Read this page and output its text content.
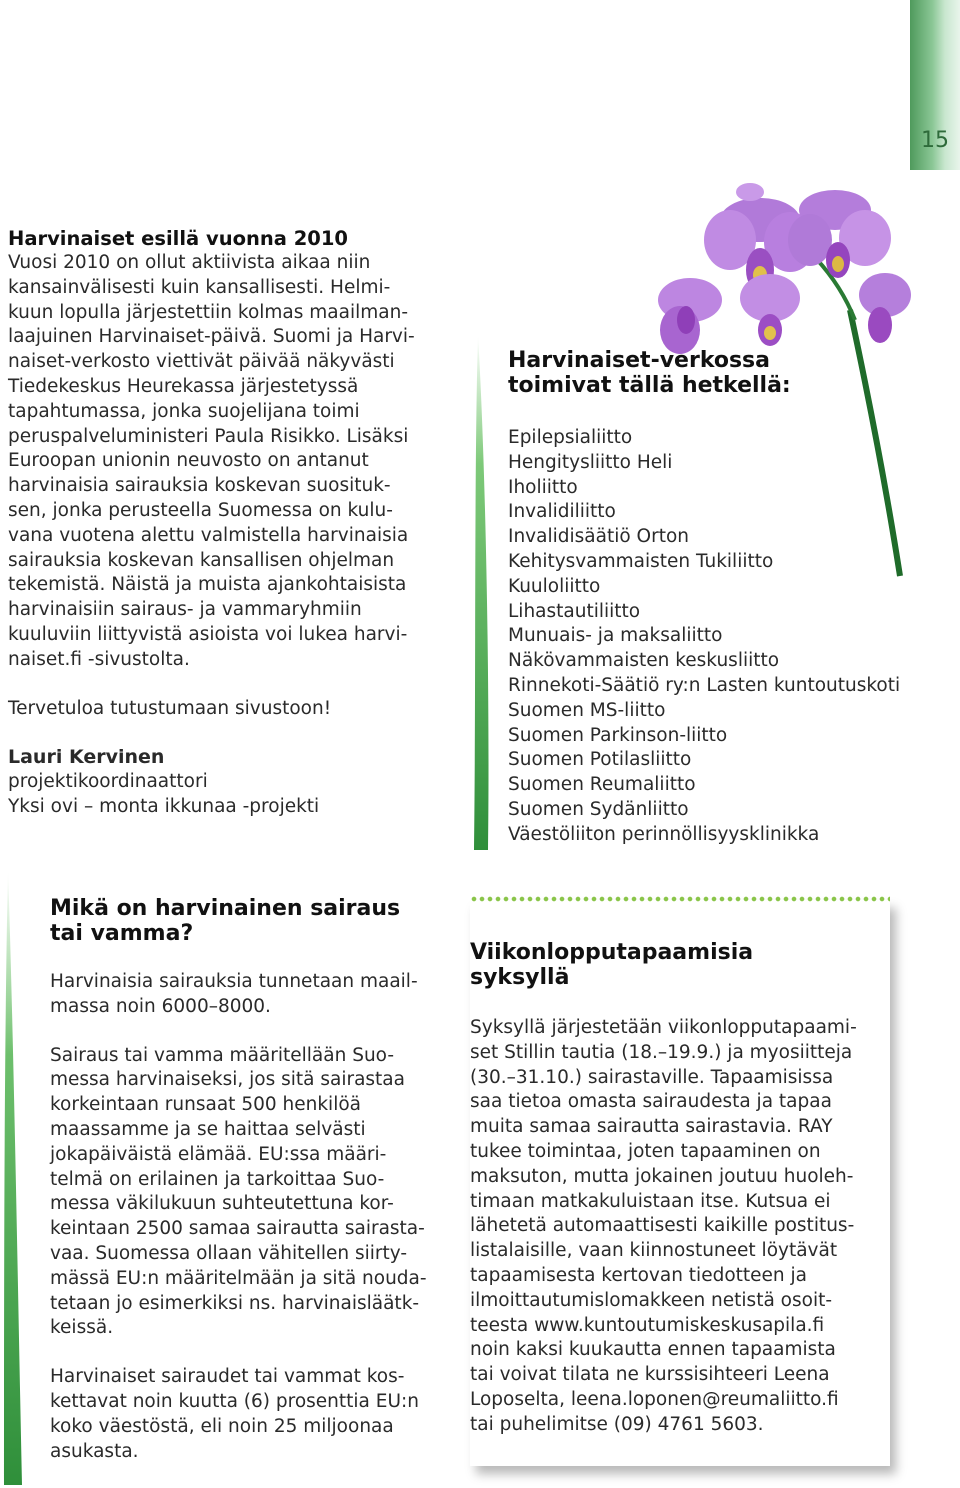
15
Harvinaiset esillä vuonna 2010
Vuosi 2010 on ollut aktiivista aikaa niin
kansainvälisesti kuin kansallisesti. Helmi-
kuun lopulla järjestettiin kolmas maailman-
laajuinen Harvinaiset-päivä. Suomi ja Harvi-
naiset-verkosto viettivät päivää näkyvästi
Tiedekeskus Heurekassa järjestetyssä
tapahtumassa, jonka suojelijana toimi
peruspalveluministeri Paula Risikko. Lisäksi
Euroopan unionin neuvosto on antanut
harvinaisia sairauksia koskevan suosituk-
sen, jonka perusteella Suomessa on kulu-
vana vuotena alettu valmistella harvinaisia
sairauksia koskevan kansallisen ohjelman
tekemistä. Näistä ja muista ajankohtaisista
harvinaisiin sairaus- ja vammaryhmiin
kuuluviin liittyvistä asioista voi lukea harvi-
naiset.fi -sivustolta.
Tervetuloa tutustumaan sivustoon!
Lauri Kervinen
projektikoordinaattori
Yksi ovi – monta ikkunaa -projekti
Harvinaiset-verkossa
toimivat tällä hetkellä:
Epilepsialiitto
Hengitysliitto Heli
Iholiitto
Invalidiliitto
Invalidisäätiö Orton
Kehitysvammaisten Tukiliitto
Kuuloliitto
Lihastautiliitto
Munuais- ja maksaliitto
Näkövammaisten keskusliitto
Rinnekoti-Säätiö ry:n Lasten kuntoutuskoti
Suomen MS-liitto
Suomen Parkinson-liitto
Suomen Potilasliitto
Suomen Reumaliitto
Suomen Sydänliitto
Väestöliiton perinnöllisyysklinikka
Mikä on harvinainen sairaus
tai vamma?
Harvinaisia sairauksia tunnetaan maail-
massa noin 6000–8000.
Sairaus tai vamma määritellään Suo-
messa harvinaiseksi, jos sitä sairastaa
korkeintaan runsaat 500 henkilöä
maassamme ja se haittaa selvästi
jokapäiväistä elämää. EU:ssa määri-
telmä on erilainen ja tarkoittaa Suo-
messa väkilukuun suhteutettuna kor-
keintaan 2500 samaa sairautta sairasta-
vaa. Suomessa ollaan vähitellen siirty-
mässä EU:n määritelmään ja sitä nouda-
tetaan jo esimerkiksi ns. harvinaisläätk-
keissä.
Harvinaiset sairaudet tai vammat kos-
kettavat noin kuutta (6) prosenttia EU:n
koko väestöstä, eli noin 25 miljoonaa
asukasta.
Viikonlopputapaamisia
syksyllä
Syksyllä järjestetään viikonlopputapaami-
set Stillin tautia (18.–19.9.) ja myosiitteja
(30.–31.10.) sairastaville. Tapaamisissa
saa tietoa omasta sairaudesta ja tapaa
muita samaa sairautta sairastavia. RAY
tukee toimintaa, joten tapaaminen on
maksuton, mutta jokainen joutuu huoleh-
timaan matkakuluistaan itse. Kutsua ei
lähetetä automaattisesti kaikille postitus-
listalaisille, vaan kiinnostuneet löytävät
tapaamisesta kertovan tiedotteen ja
ilmoittautumislomakkeen netistä osoit-
teesta www.kuntoutumiskeskusapila.fi
noin kaksi kuukautta ennen tapaamista
tai voivat tilata ne kurssisihteeri Leena
Loposelta, leena.loponen@reumaliitto.fi
tai puhelimitse (09) 4761 5603.
